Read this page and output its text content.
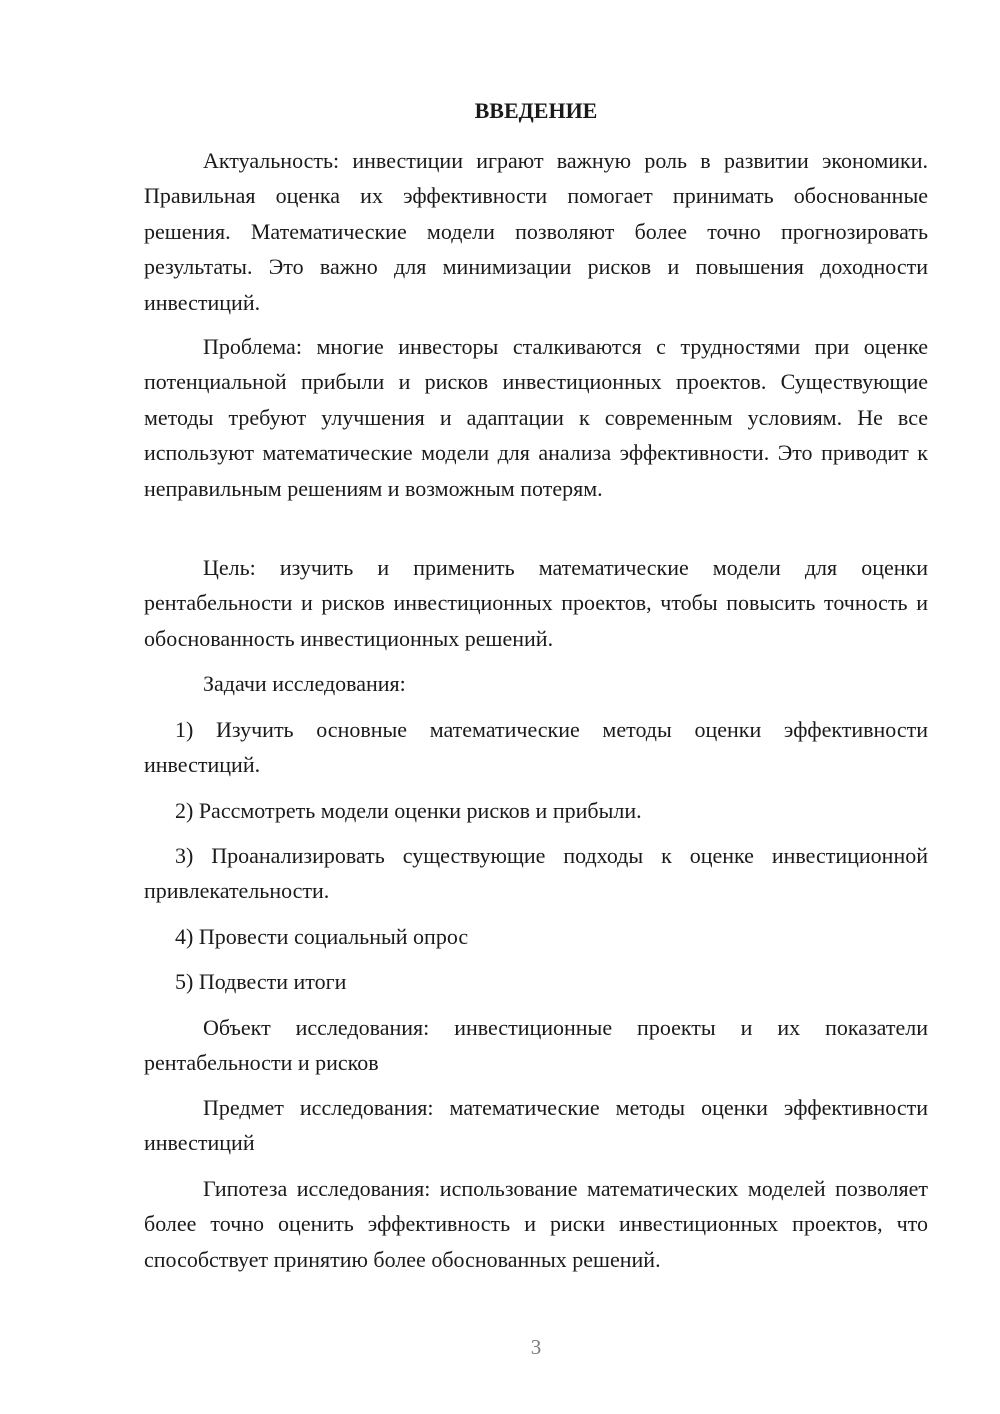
ВВЕДЕНИЕ

Актуальность: инвестиции играют важную роль в развитии экономики. Правильная оценка их эффективности помогает принимать обоснованные решения. Математические модели позволяют более точно прогнозировать результаты. Это важно для минимизации рисков и повышения доходности инвестиций.

Проблема: многие инвесторы сталкиваются с трудностями при оценке потенциальной прибыли и рисков инвестиционных проектов. Существующие методы требуют улучшения и адаптации к современным условиям. Не все используют математические модели для анализа эффективности. Это приводит к неправильным решениям и возможным потерям.

Цель: изучить и применить математические модели для оценки рентабельности и рисков инвестиционных проектов, чтобы повысить точность и обоснованность инвестиционных решений.

Задачи исследования:

1) Изучить основные математические методы оценки эффективности инвестиций.

2) Рассмотреть модели оценки рисков и прибыли.

3) Проанализировать существующие подходы к оценке инвестиционной привлекательности.

4) Провести социальный опрос

5) Подвести итоги

Объект исследования: инвестиционные проекты и их показатели рентабельности и рисков

Предмет исследования: математические методы оценки эффективности инвестиций

Гипотеза исследования: использование математических моделей позволяет более точно оценить эффективность и риски инвестиционных проектов, что способствует принятию более обоснованных решений.

3
